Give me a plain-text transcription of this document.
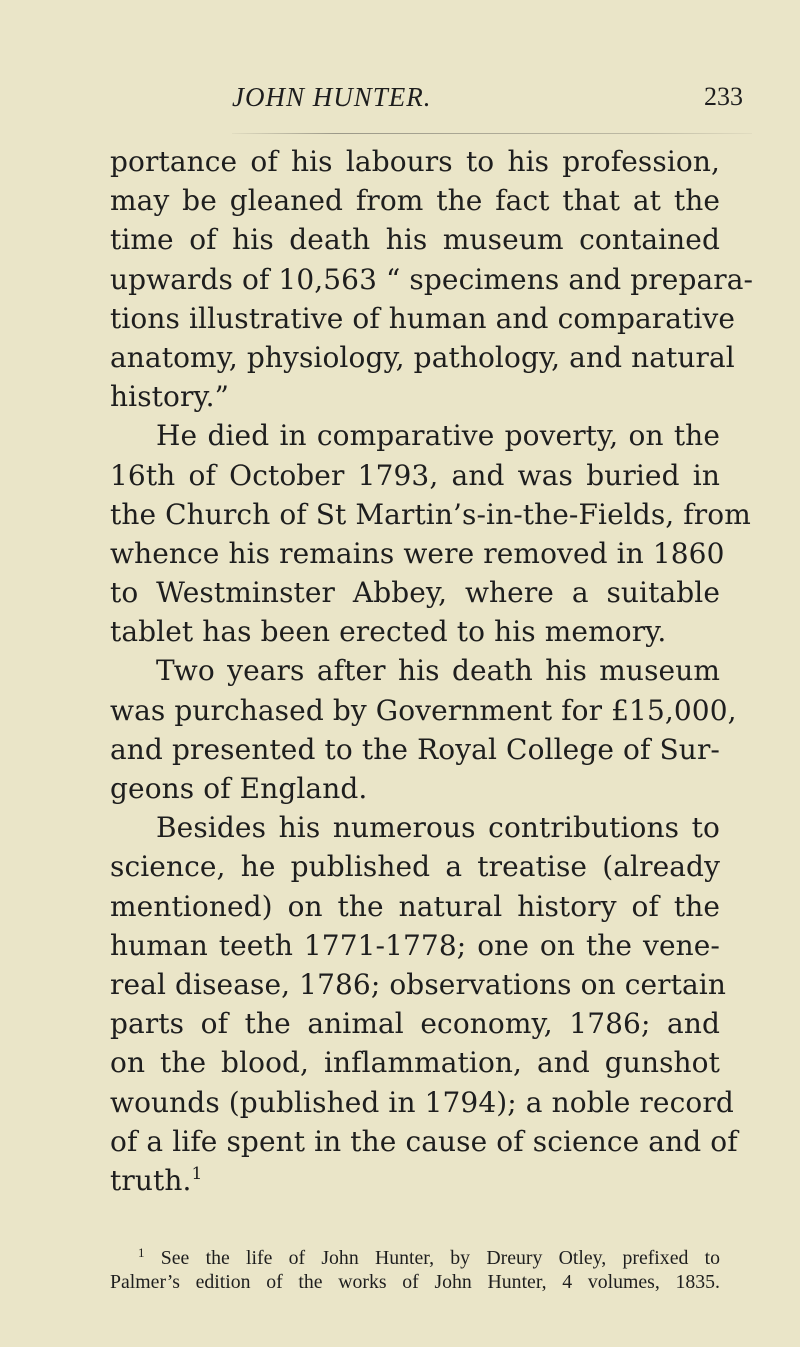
JOHN HUNTER.	233
portance of his labours to his profession,
may be gleaned from the fact that at the
time of his death his museum contained
upwards of 10,563 “ specimens and prepara-
tions illustrative of human and comparative
anatomy, physiology, pathology, and natural
history.”
He died in comparative poverty, on the
16th of October 1793, and was buried in
the Church of St Martin’s-in-the-Fields, from
whence his remains were removed in 1860
to Westminster Abbey, where a suitable
tablet has been erected to his memory.
Two years after his death his museum
was purchased by Government for £15,000,
and presented to the Royal College of Sur-
geons of England.
Besides his numerous contributions to
science, he published a treatise (already
mentioned) on the natural history of the
human teeth 1771-1778; one on the vene-
real disease, 1786; observations on certain
parts of the animal economy, 1786; and
on the blood, inflammation, and gunshot
wounds (published in 1794); a noble record
of a life spent in the cause of science and of
truth.$^1$
$^1$ See the life of John Hunter, by Dreury Otley, prefixed to
Palmer’s edition of the works of John Hunter, 4 volumes, 1835.
